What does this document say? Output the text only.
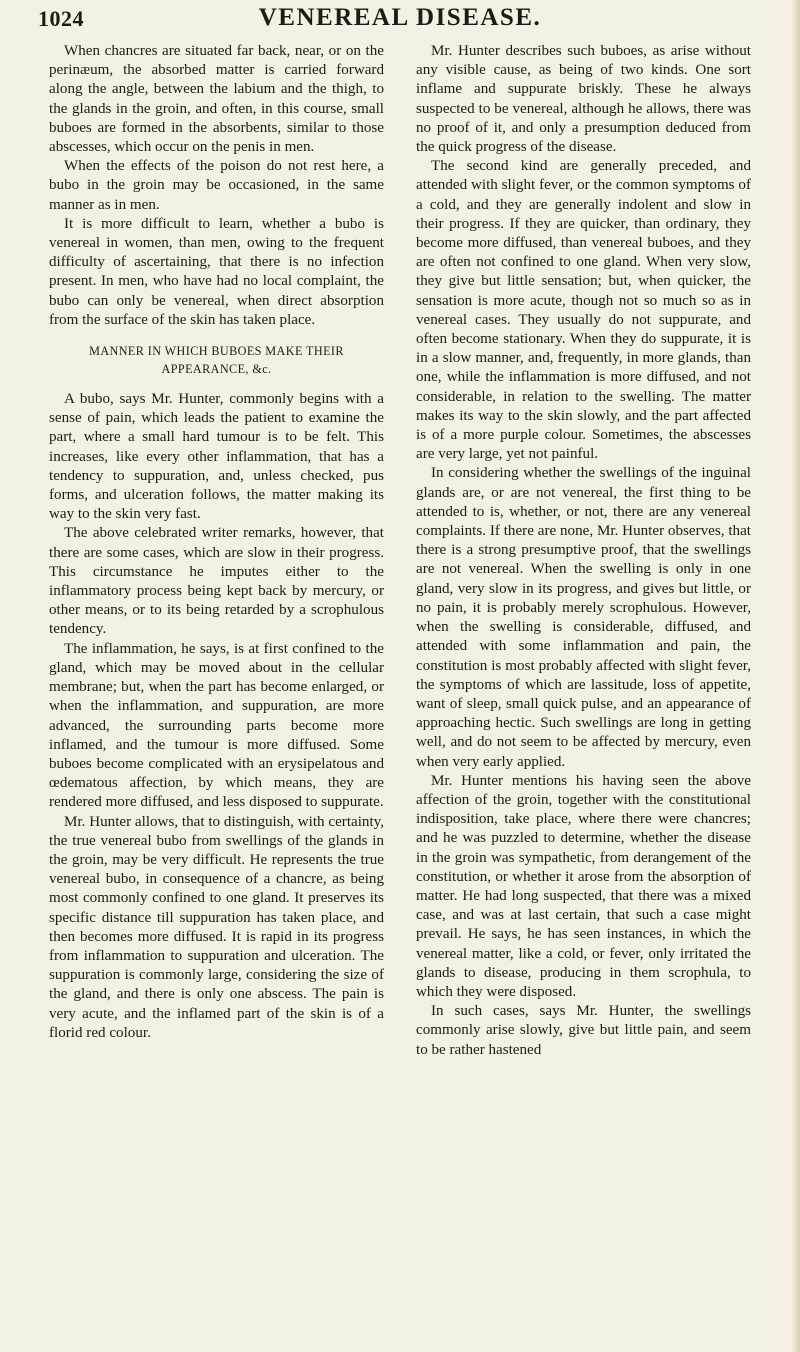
1024	VENEREAL DISEASE.

When chancres are situated far back, near, or on the perinæum, the absorbed matter is carried forward along the angle, between the labium and the thigh, to the glands in the groin, and often, in this course, small buboes are formed in the absorbents, similar to those abscesses, which occur on the penis in men.

When the effects of the poison do not rest here, a bubo in the groin may be occasioned, in the same manner as in men.

It is more difficult to learn, whether a bubo is venereal in women, than men, owing to the frequent difficulty of ascertaining, that there is no infection present. In men, who have had no local complaint, the bubo can only be venereal, when direct absorption from the surface of the skin has taken place.

MANNER IN WHICH BUBOES MAKE THEIR APPEARANCE, &c.

A bubo, says Mr. Hunter, commonly begins with a sense of pain, which leads the patient to examine the part, where a small hard tumour is to be felt. This increases, like every other inflammation, that has a tendency to suppuration, and, unless checked, pus forms, and ulceration follows, the matter making its way to the skin very fast.

The above celebrated writer remarks, however, that there are some cases, which are slow in their progress. This circumstance he imputes either to the inflammatory process being kept back by mercury, or other means, or to its being retarded by a scrophulous tendency.

The inflammation, he says, is at first confined to the gland, which may be moved about in the cellular membrane; but, when the part has become enlarged, or when the inflammation, and suppuration, are more advanced, the surrounding parts become more inflamed, and the tumour is more diffused. Some buboes become complicated with an erysipelatous and œdematous affection, by which means, they are rendered more diffused, and less disposed to suppurate.

Mr. Hunter allows, that to distinguish, with certainty, the true venereal bubo from swellings of the glands in the groin, may be very difficult. He represents the true venereal bubo, in consequence of a chancre, as being most commonly confined to one gland. It preserves its specific distance till suppuration has taken place, and then becomes more diffused. It is rapid in its progress from inflammation to suppuration and ulceration. The suppuration is commonly large, considering the size of the gland, and there is only one abscess. The pain is very acute, and the inflamed part of the skin is of a florid red colour.

Mr. Hunter describes such buboes, as arise without any visible cause, as being of two kinds. One sort inflame and suppurate briskly. These he always suspected to be venereal, although he allows, there was no proof of it, and only a presumption deduced from the quick progress of the disease.

The second kind are generally preceded, and attended with slight fever, or the common symptoms of a cold, and they are generally indolent and slow in their progress. If they are quicker, than ordinary, they become more diffused, than venereal buboes, and they are often not confined to one gland. When very slow, they give but little sensation; but, when quicker, the sensation is more acute, though not so much so as in venereal cases. They usually do not suppurate, and often become stationary. When they do suppurate, it is in a slow manner, and, frequently, in more glands, than one, while the inflammation is more diffused, and not considerable, in relation to the swelling. The matter makes its way to the skin slowly, and the part affected is of a more purple colour. Sometimes, the abscesses are very large, yet not painful.

In considering whether the swellings of the inguinal glands are, or are not venereal, the first thing to be attended to is, whether, or not, there are any venereal complaints. If there are none, Mr. Hunter observes, that there is a strong presumptive proof, that the swellings are not venereal. When the swelling is only in one gland, very slow in its progress, and gives but little, or no pain, it is probably merely scrophulous. However, when the swelling is considerable, diffused, and attended with some inflammation and pain, the constitution is most probably affected with slight fever, the symptoms of which are lassitude, loss of appetite, want of sleep, small quick pulse, and an appearance of approaching hectic. Such swellings are long in getting well, and do not seem to be affected by mercury, even when very early applied.

Mr. Hunter mentions his having seen the above affection of the groin, together with the constitutional indisposition, take place, where there were chancres; and he was puzzled to determine, whether the disease in the groin was sympathetic, from derangement of the constitution, or whether it arose from the absorption of matter. He had long suspected, that there was a mixed case, and was at last certain, that such a case might prevail. He says, he has seen instances, in which the venereal matter, like a cold, or fever, only irritated the glands to disease, producing in them scrophula, to which they were disposed.

In such cases, says Mr. Hunter, the swellings commonly arise slowly, give but little pain, and seem to be rather hastened
